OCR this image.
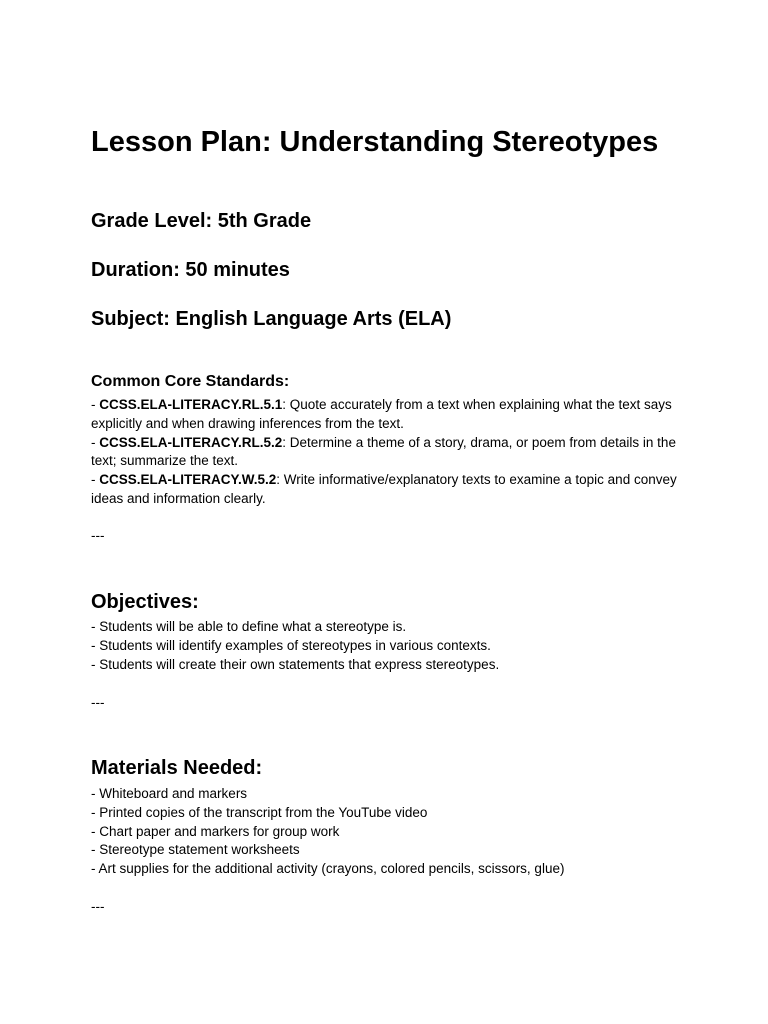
Lesson Plan: Understanding Stereotypes
Grade Level: 5th Grade
Duration: 50 minutes
Subject: English Language Arts (ELA)
Common Core Standards:
- CCSS.ELA-LITERACY.RL.5.1: Quote accurately from a text when explaining what the text says explicitly and when drawing inferences from the text.
- CCSS.ELA-LITERACY.RL.5.2: Determine a theme of a story, drama, or poem from details in the text; summarize the text.
- CCSS.ELA-LITERACY.W.5.2: Write informative/explanatory texts to examine a topic and convey ideas and information clearly.

---

Objectives:
- Students will be able to define what a stereotype is.
- Students will identify examples of stereotypes in various contexts.
- Students will create their own statements that express stereotypes.

---

Materials Needed:
- Whiteboard and markers
- Printed copies of the transcript from the YouTube video
- Chart paper and markers for group work
- Stereotype statement worksheets
- Art supplies for the additional activity (crayons, colored pencils, scissors, glue)

---
